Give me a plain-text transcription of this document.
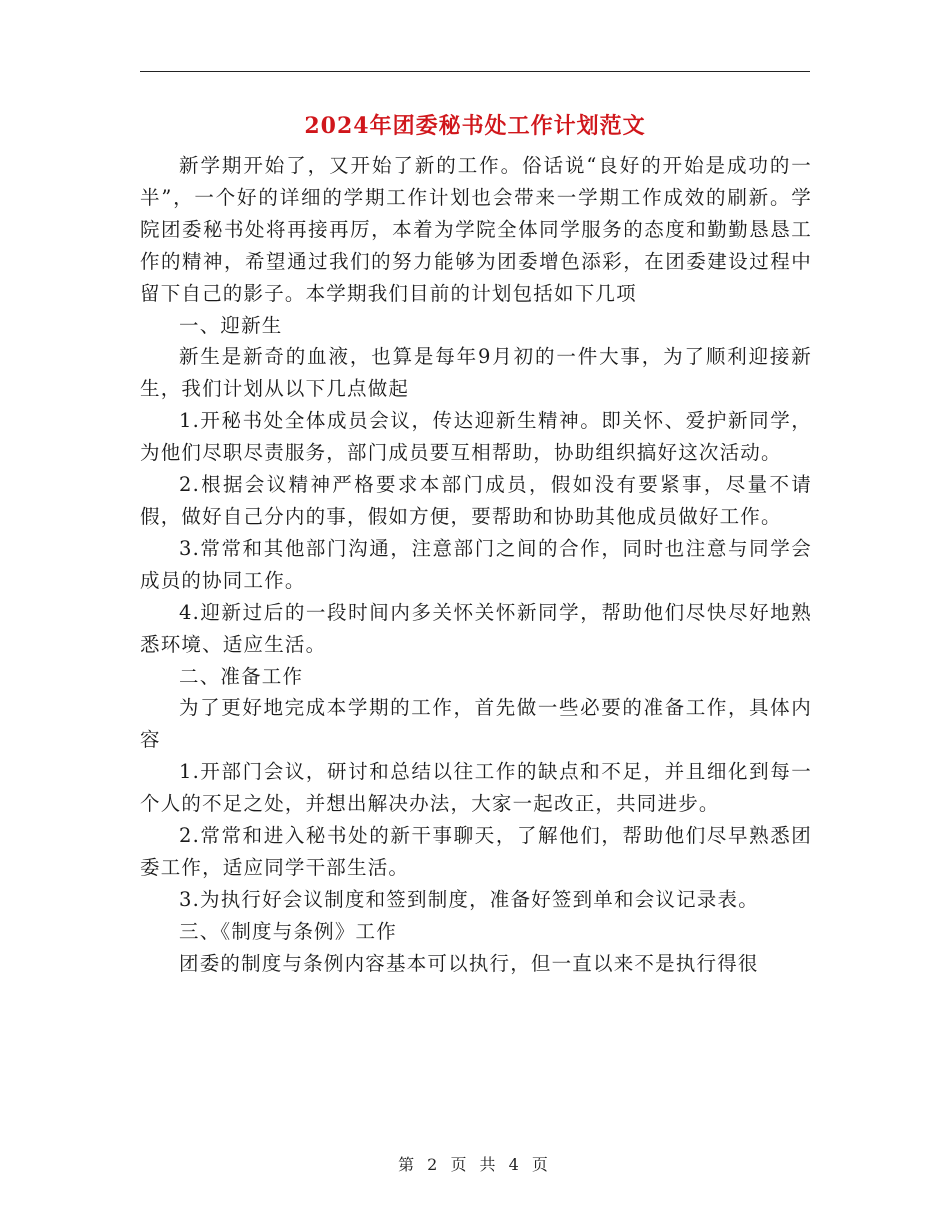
2024年团委秘书处工作计划范文

新学期开始了，又开始了新的工作。俗话说“良好的开始是成功的一半”，一个好的详细的学期工作计划也会带来一学期工作成效的刷新。学院团委秘书处将再接再厉，本着为学院全体同学服务的态度和勤勤恳恳工作的精神，希望通过我们的努力能够为团委增色添彩，在团委建设过程中留下自己的影子。本学期我们目前的计划包括如下几项

一、迎新生

新生是新奇的血液，也算是每年9月初的一件大事，为了顺利迎接新生，我们计划从以下几点做起

1.开秘书处全体成员会议，传达迎新生精神。即关怀、爱护新同学，为他们尽职尽责服务，部门成员要互相帮助，协助组织搞好这次活动。

2.根据会议精神严格要求本部门成员，假如没有要紧事，尽量不请假，做好自己分内的事，假如方便，要帮助和协助其他成员做好工作。

3.常常和其他部门沟通，注意部门之间的合作，同时也注意与同学会成员的协同工作。

4.迎新过后的一段时间内多关怀关怀新同学，帮助他们尽快尽好地熟悉环境、适应生活。

二、准备工作

为了更好地完成本学期的工作，首先做一些必要的准备工作，具体内容

1.开部门会议，研讨和总结以往工作的缺点和不足，并且细化到每一个人的不足之处，并想出解决办法，大家一起改正，共同进步。

2.常常和进入秘书处的新干事聊天，了解他们，帮助他们尽早熟悉团委工作，适应同学干部生活。

3.为执行好会议制度和签到制度，准备好签到单和会议记录表。

三、《制度与条例》工作

团委的制度与条例内容基本可以执行，但一直以来不是执行得很

第 2 页 共 4 页
